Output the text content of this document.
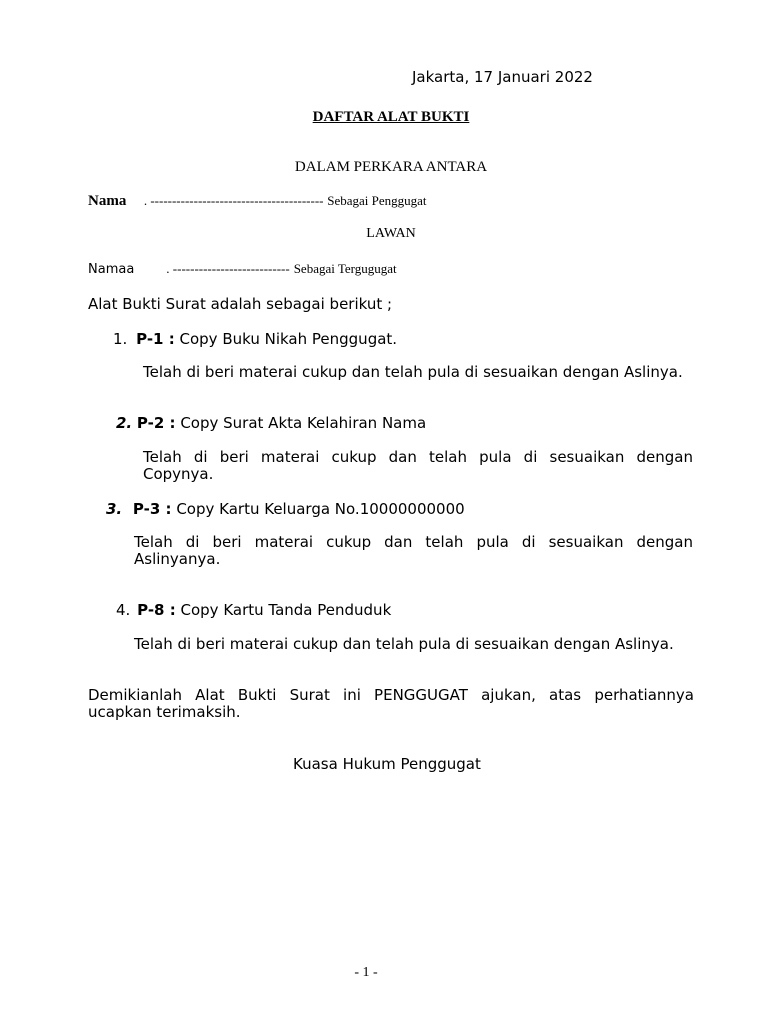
Jakarta, 17 Januari 2022
DAFTAR ALAT BUKTI
DALAM PERKARA ANTARA
Nama . ---------------------------------------- Sebagai Penggugat
LAWAN
Namaa . --------------------------- Sebagai Tergugugat
Alat Bukti Surat adalah sebagai berikut ;
1. P-1 : Copy Buku Nikah Penggugat.
Telah di beri materai cukup dan telah pula di sesuaikan dengan Aslinya.
2. P-2 : Copy Surat Akta Kelahiran Nama
Telah di beri materai cukup dan telah pula di sesuaikan dengan Copynya.
3. P-3 : Copy Kartu Keluarga No.10000000000
Telah di beri materai cukup dan telah pula di sesuaikan dengan Aslinyanya.
4. P-8 : Copy Kartu Tanda Penduduk
Telah di beri materai cukup dan telah pula di sesuaikan dengan Aslinya.
Demikianlah Alat Bukti Surat ini PENGGUGAT ajukan, atas perhatiannya ucapkan terimaksih.
Kuasa Hukum Penggugat
- 1 -
